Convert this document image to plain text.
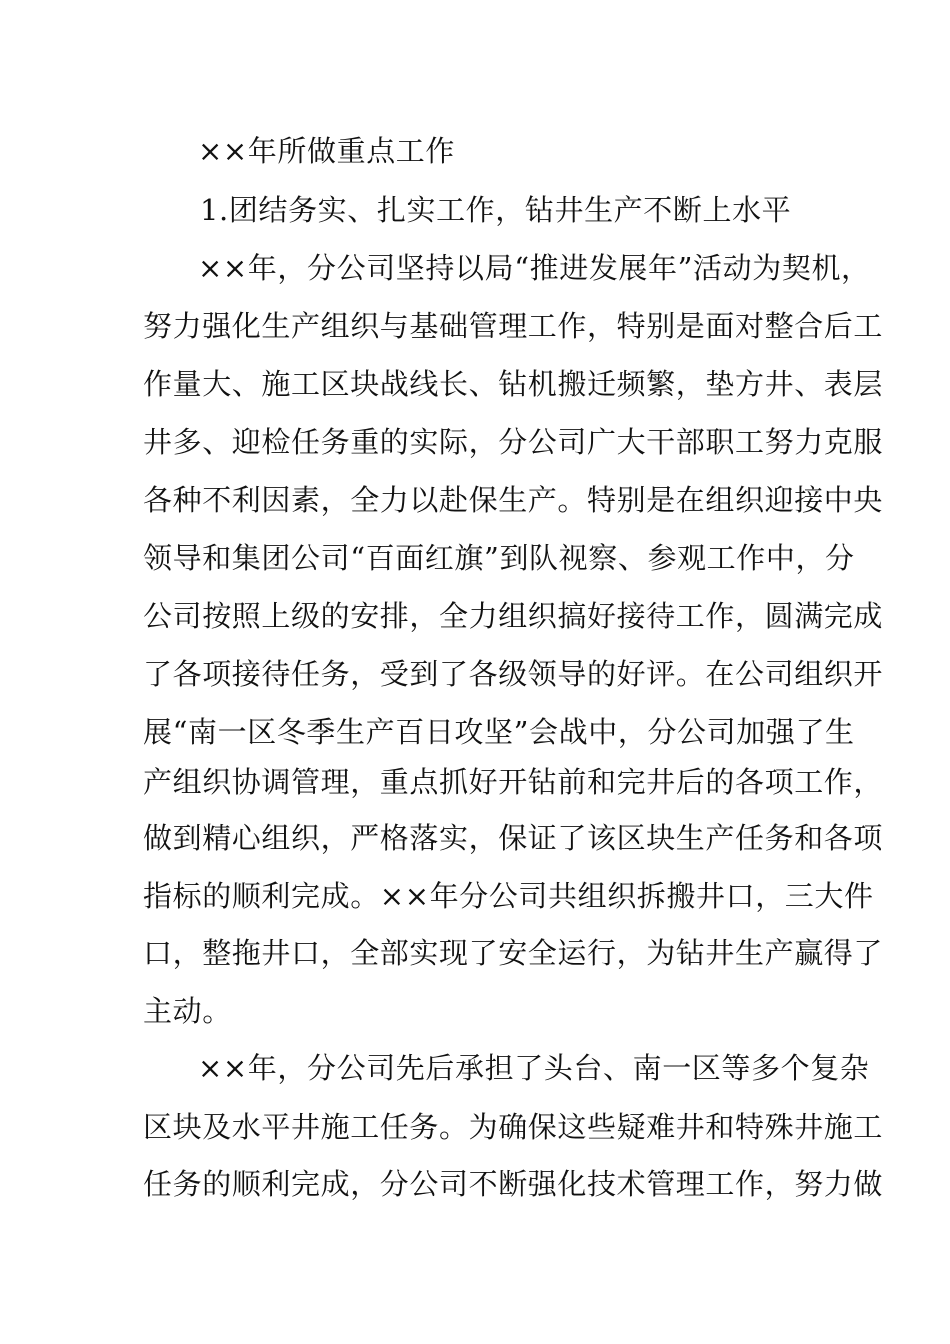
××年所做重点工作
1.团结务实、扎实工作，钻井生产不断上水平
××年，分公司坚持以局“推进发展年”活动为契机，
努力强化生产组织与基础管理工作，特别是面对整合后工
作量大、施工区块战线长、钻机搬迁频繁，垫方井、表层
井多、迎检任务重的实际，分公司广大干部职工努力克服
各种不利因素，全力以赴保生产。特别是在组织迎接中央
领导和集团公司“百面红旗”到队视察、参观工作中，分
公司按照上级的安排，全力组织搞好接待工作，圆满完成
了各项接待任务，受到了各级领导的好评。在公司组织开
展“南一区冬季生产百日攻坚”会战中，分公司加强了生
产组织协调管理，重点抓好开钻前和完井后的各项工作，
做到精心组织，严格落实，保证了该区块生产任务和各项
指标的顺利完成。××年分公司共组织拆搬井口，三大件
口，整拖井口，全部实现了安全运行，为钻井生产赢得了
主动。
××年，分公司先后承担了头台、南一区等多个复杂
区块及水平井施工任务。为确保这些疑难井和特殊井施工
任务的顺利完成，分公司不断强化技术管理工作，努力做
